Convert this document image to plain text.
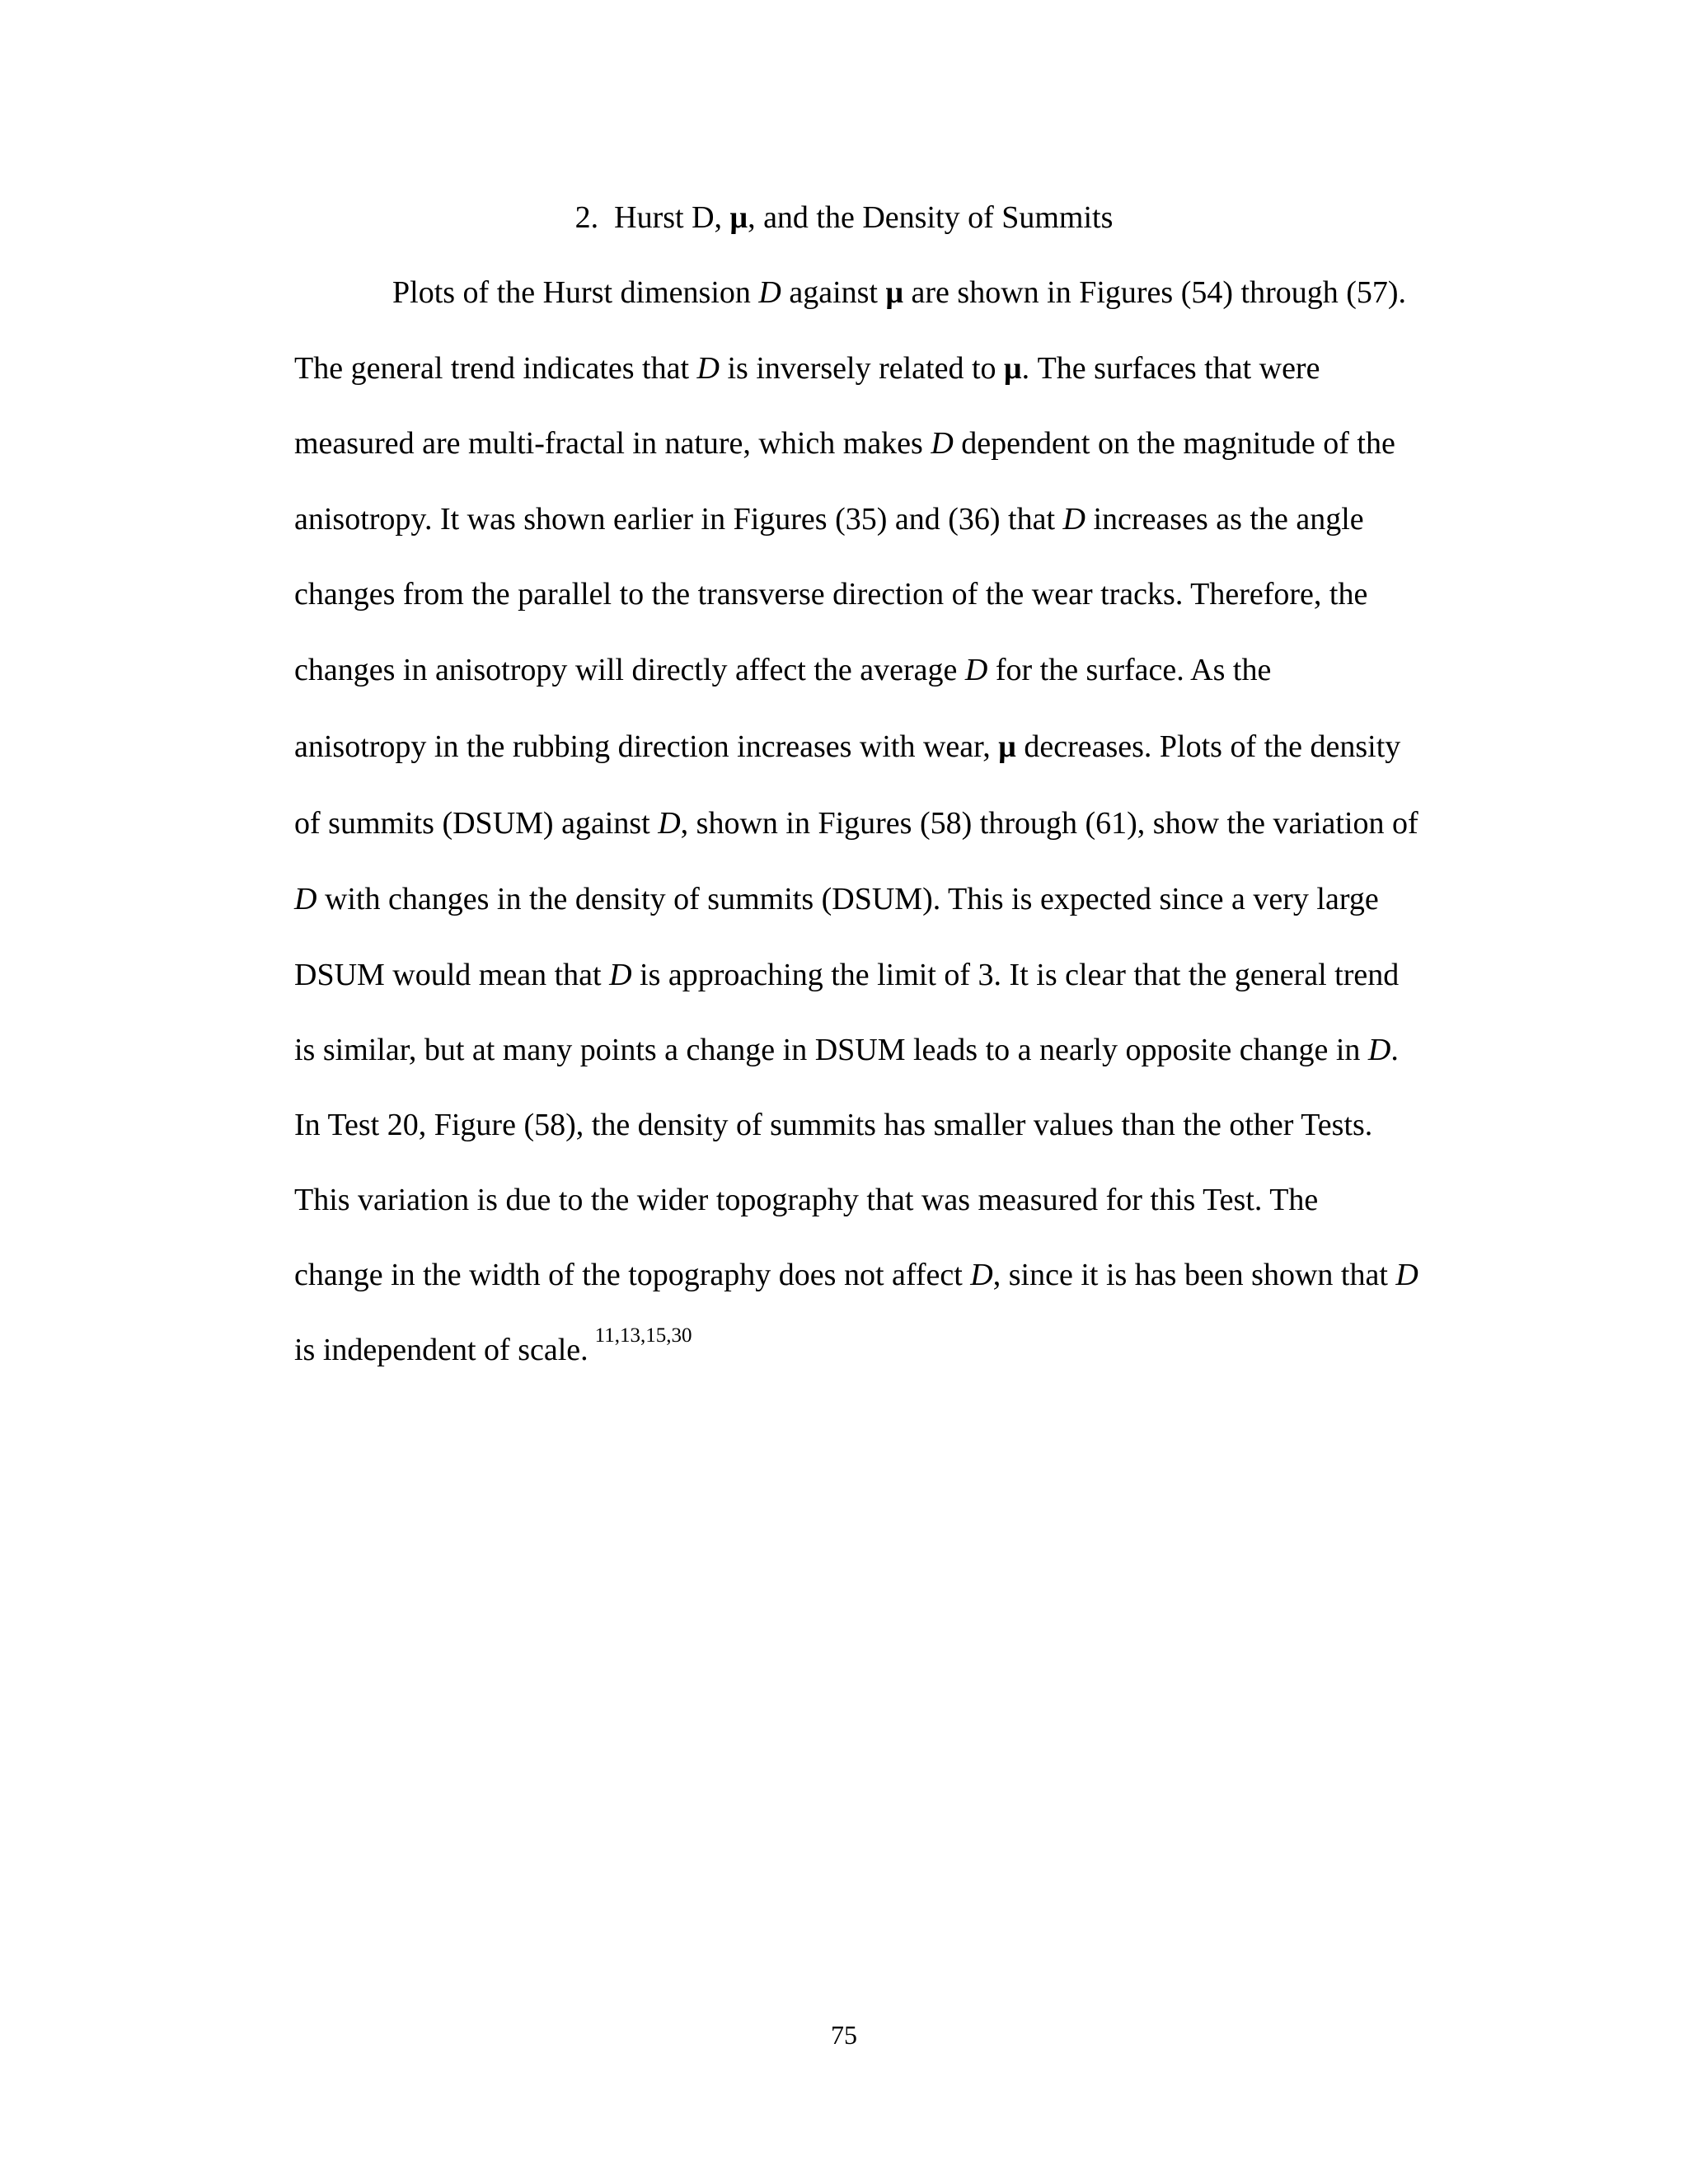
2. Hurst D, μ, and the Density of Summits
Plots of the Hurst dimension D against μ are shown in Figures (54) through (57).
The general trend indicates that D is inversely related to μ. The surfaces that were
measured are multi-fractal in nature, which makes D dependent on the magnitude of the
anisotropy. It was shown earlier in Figures (35) and (36) that D increases as the angle
changes from the parallel to the transverse direction of the wear tracks. Therefore, the
changes in anisotropy will directly affect the average D for the surface. As the
anisotropy in the rubbing direction increases with wear, μ decreases. Plots of the density
of summits (DSUM) against D, shown in Figures (58) through (61), show the variation of
D with changes in the density of summits (DSUM). This is expected since a very large
DSUM would mean that D is approaching the limit of 3. It is clear that the general trend
is similar, but at many points a change in DSUM leads to a nearly opposite change in D.
In Test 20, Figure (58), the density of summits has smaller values than the other Tests.
This variation is due to the wider topography that was measured for this Test. The
change in the width of the topography does not affect D, since it is has been shown that D
is independent of scale. $^{11,13,15,30}$
75
